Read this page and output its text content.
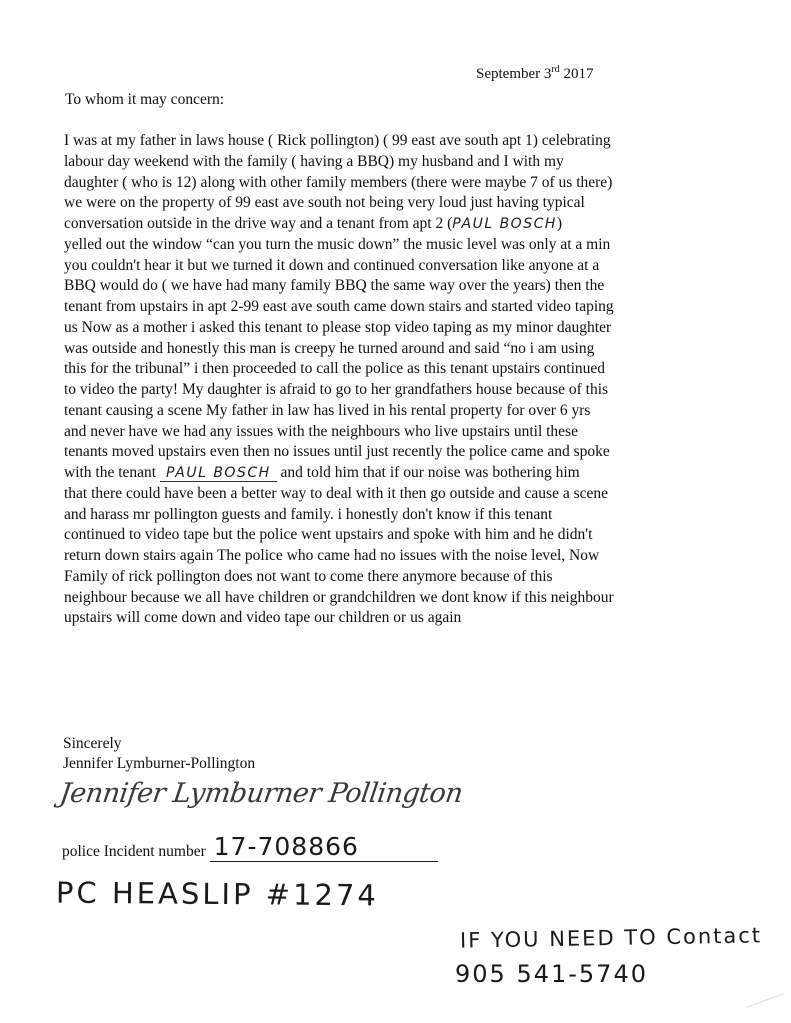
September 3rd 2017
To whom it may concern:
I was at my father in laws house ( Rick pollington) ( 99 east ave south apt 1) celebrating
labour day weekend with the family ( having a BBQ) my husband and I with my
daughter ( who is 12) along with other family members (there were maybe 7 of us there)
we were on the property of 99 east ave south not being very loud just having typical
conversation outside in the drive way and a tenant from apt 2 (PAUL BOSCH)
yelled out the window “can you turn the music down” the music level was only at a min
you couldn't hear it but we turned it down and continued conversation like anyone at a
BBQ would do ( we have had many family BBQ the same way over the years) then the
tenant from upstairs in apt 2-99 east ave south came down stairs and started video taping
us Now as a mother i asked this tenant to please stop video taping as my minor daughter
was outside and honestly this man is creepy he turned around and said “no i am using
this for the tribunal” i then proceeded to call the police as this tenant upstairs continued
to video the party! My daughter is afraid to go to her grandfathers house because of this
tenant causing a scene My father in law has lived in his rental property for over 6 yrs
and never have we had any issues with the neighbours who live upstairs until these
tenants moved upstairs even then no issues until just recently the police came and spoke
with the tenant PAUL BOSCH and told him that if our noise was bothering him
that there could have been a better way to deal with it then go outside and cause a scene
and harass mr pollington guests and family. i honestly don't know if this tenant
continued to video tape but the police went upstairs and spoke with him and he didn't
return down stairs again The police who came had no issues with the noise level, Now
Family of rick pollington does not want to come there anymore because of this
neighbour because we all have children or grandchildren we dont know if this neighbour
upstairs will come down and video tape our children or us again
Sincerely
Jennifer Lymburner-Pollington
Jennifer Lymburner Pollington
police Incident number 17-708866
PC HEASLIP #1274
IF YOU NEED TO Contact
905 541-5740
